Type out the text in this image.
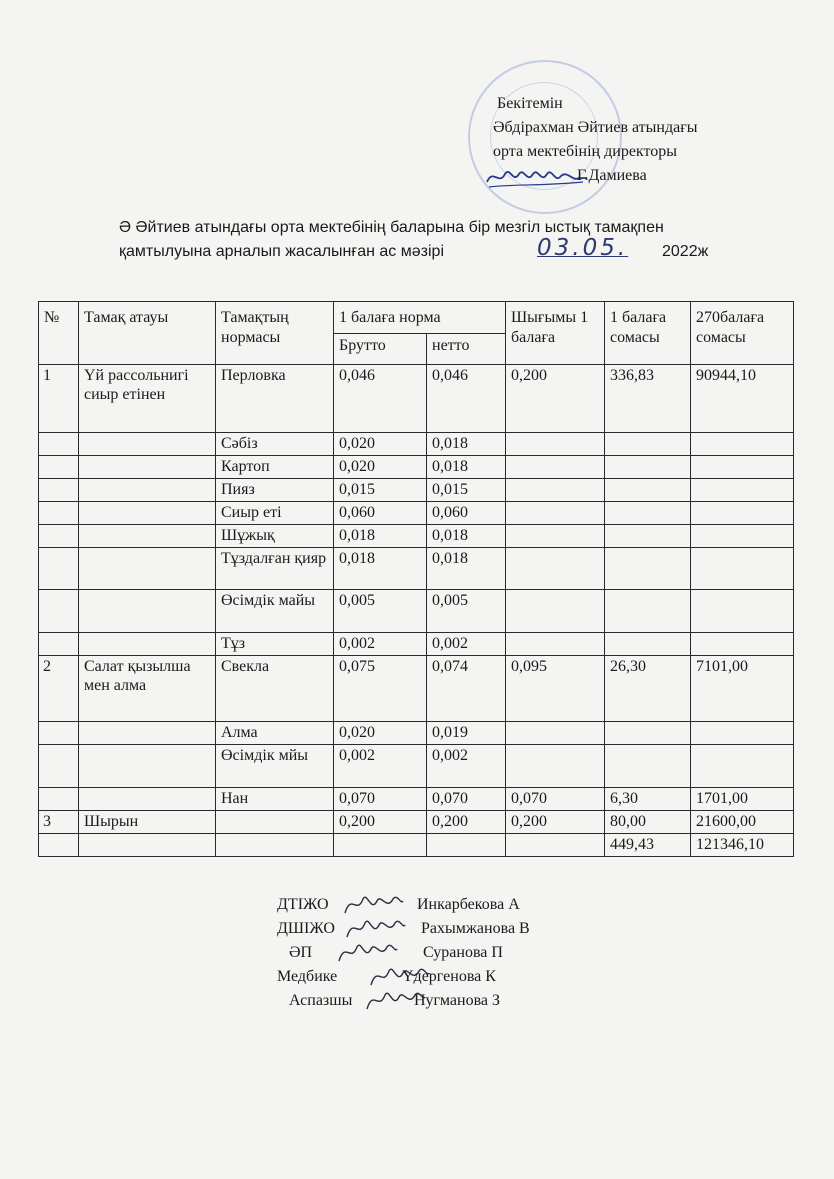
Бекітемін
Әбдірахман Әйтиев атындағы
орта мектебінің директоры
Г.Дамиева
Ә Әйтиев атындағы орта мектебінің баларына бір мезгіл ыстық тамақпен
қамтылуына арналып жасалынған ас мәзірі	03.05. 2022ж
№	Тамақ атауы	Тамақтың нормасы	1 балаға норма		Шығымы 1 балаға	1 балаға сомасы	270балаға сомасы
			Брутто	нетто			
1	Үй рассольнигі сиыр етінен	Перловка	0,046	0,046	0,200	336,83	90944,10
		Сәбіз	0,020	0,018			
		Картоп	0,020	0,018			
		Пияз	0,015	0,015			
		Сиыр еті	0,060	0,060			
		Шұжық	0,018	0,018			
		Тұздалған қияр	0,018	0,018			
		Өсімдік майы	0,005	0,005			
		Тұз	0,002	0,002			
2	Салат қызылша мен алма	Свекла	0,075	0,074	0,095	26,30	7101,00
		Алма	0,020	0,019			
		Өсімдік мйы	0,002	0,002			
		Нан	0,070	0,070	0,070	6,30	1701,00
3	Шырын		0,200	0,200	0,200	80,00	21600,00
						449,43	121346,10
ДТІЖО	Инкарбекова А
ДШІЖО	Рахымжанова В
ӘП	Суранова П
Медбике	Үдергенова К
Аспазшы	Нугманова З
